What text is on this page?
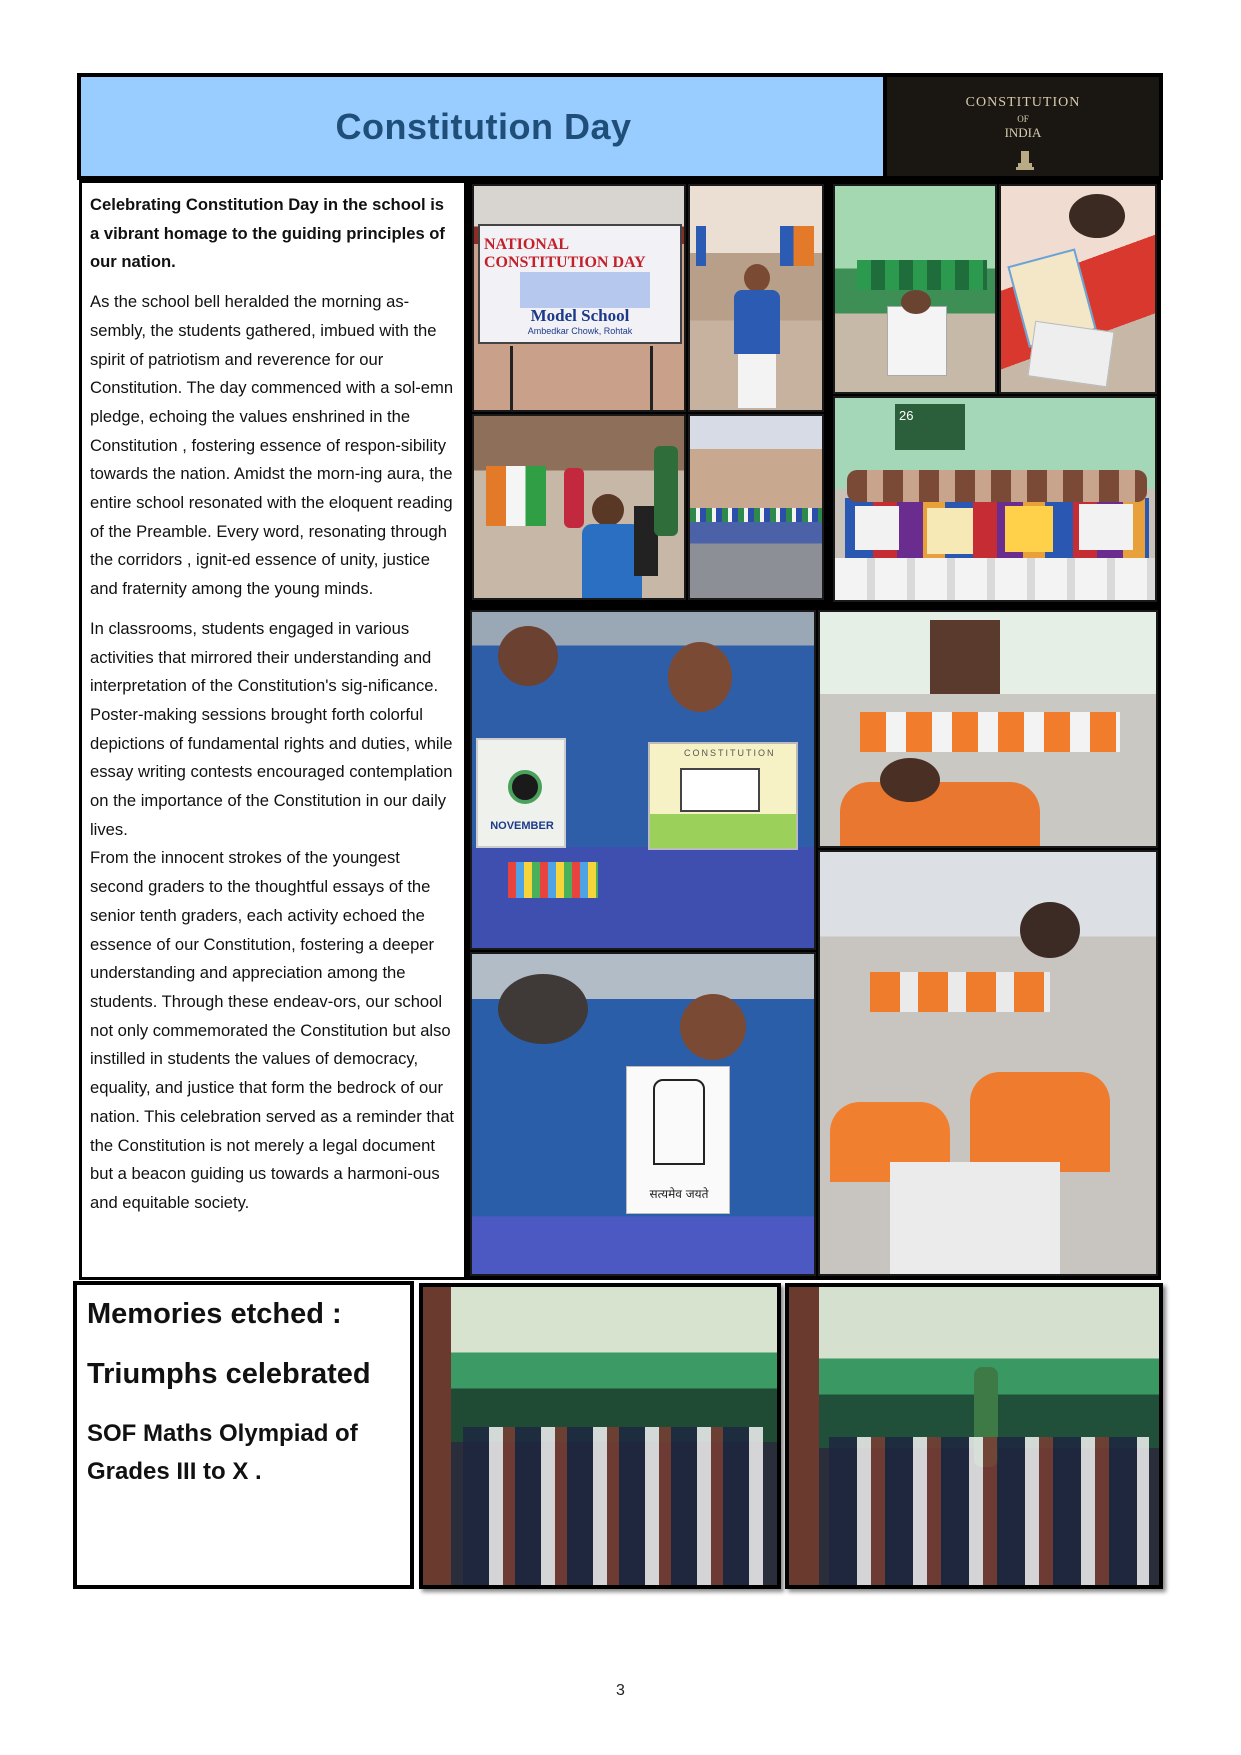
Constitution Day
CONSTITUTION
OF
INDIA

Celebrating Constitution Day in the school is a vibrant homage to the guiding principles of our nation.

As the school bell heralded the morning as-sembly, the students gathered, imbued with the spirit of patriotism and reverence for our Constitution. The day commenced with a sol-emn pledge, echoing the values enshrined in the Constitution , fostering essence of respon-sibility towards the nation. Amidst the morn-ing aura, the entire school resonated with the eloquent reading of the Preamble. Every word, resonating through the corridors , ignit-ed essence of unity, justice and fraternity among the young minds.

In classrooms, students engaged in various activities that mirrored their understanding and interpretation of the Constitution's sig-nificance. Poster-making sessions brought forth colorful depictions of fundamental rights and duties, while essay writing contests encouraged contemplation on the importance of the Constitution in our daily lives.

From the innocent strokes of the youngest second graders to the thoughtful essays of the senior tenth graders, each activity echoed the essence of our Constitution, fostering a deeper understanding and appreciation among the students. Through these endeav-ors, our school not only commemorated the Constitution but also instilled in students the values of democracy, equality, and justice that form the bedrock of our nation. This celebration served as a reminder that the Constitution is not merely a legal document but a beacon guiding us towards a harmoni-ous and equitable society.

NATIONAL CONSTITUTION DAY
Model School
Ambedkar Chowk, Rohtak
26
NOVEMBER
CONSTITUTION
सत्यमेव जयते

Memories etched :

Triumphs celebrated

SOF Maths Olympiad of Grades III to X .

3
